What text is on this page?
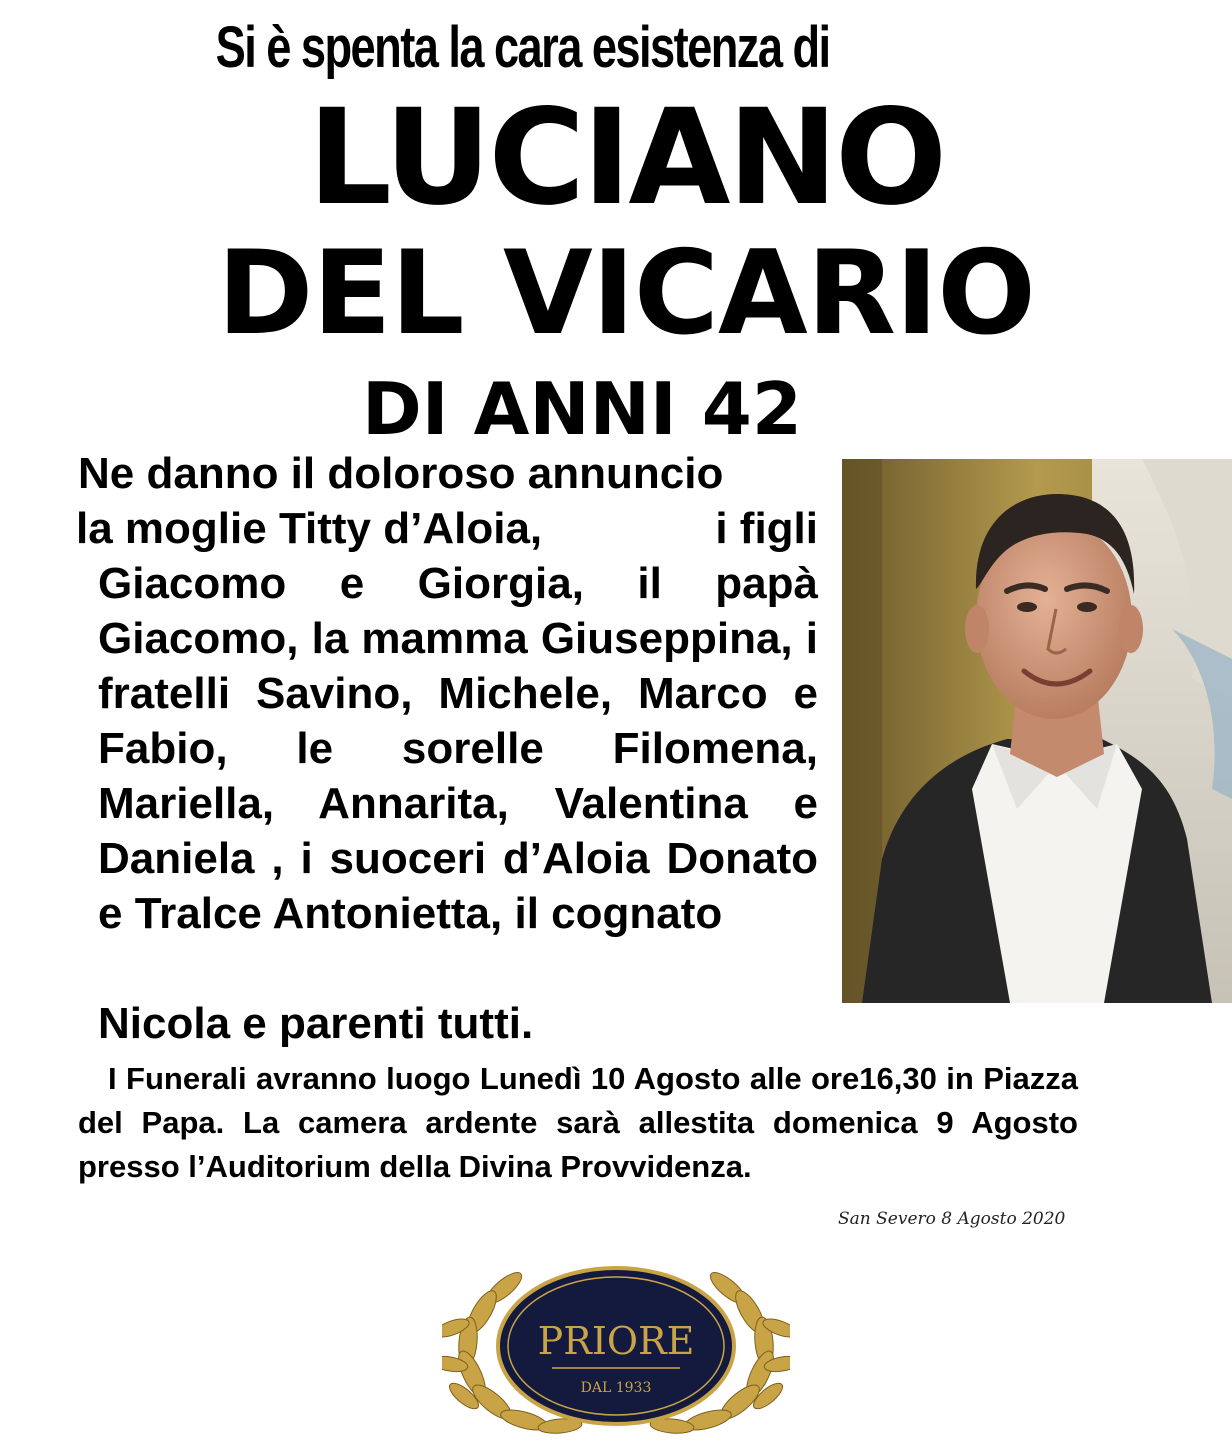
Si è spenta la cara esistenza di
LUCIANO
DEL VICARIO
DI ANNI 42
Ne danno il doloroso annuncio
la moglie Titty d’Aloia,	i figli
Giacomo e Giorgia, il papà Giacomo, la mamma Giuseppina, i fratelli Savino, Michele, Marco e Fabio, le sorelle Filomena, Mariella, Annarita, Valentina e Daniela , i suoceri d’Aloia Donato e Tralce Antonietta, il cognato
Nicola e parenti tutti.
I Funerali avranno luogo Lunedì 10 Agosto alle ore16,30 in Piazza del Papa. La camera ardente sarà allestita domenica 9 Agosto presso l’Auditorium della Divina Provvidenza.
San Severo 8 Agosto 2020
PRIORE
DAL 1933
